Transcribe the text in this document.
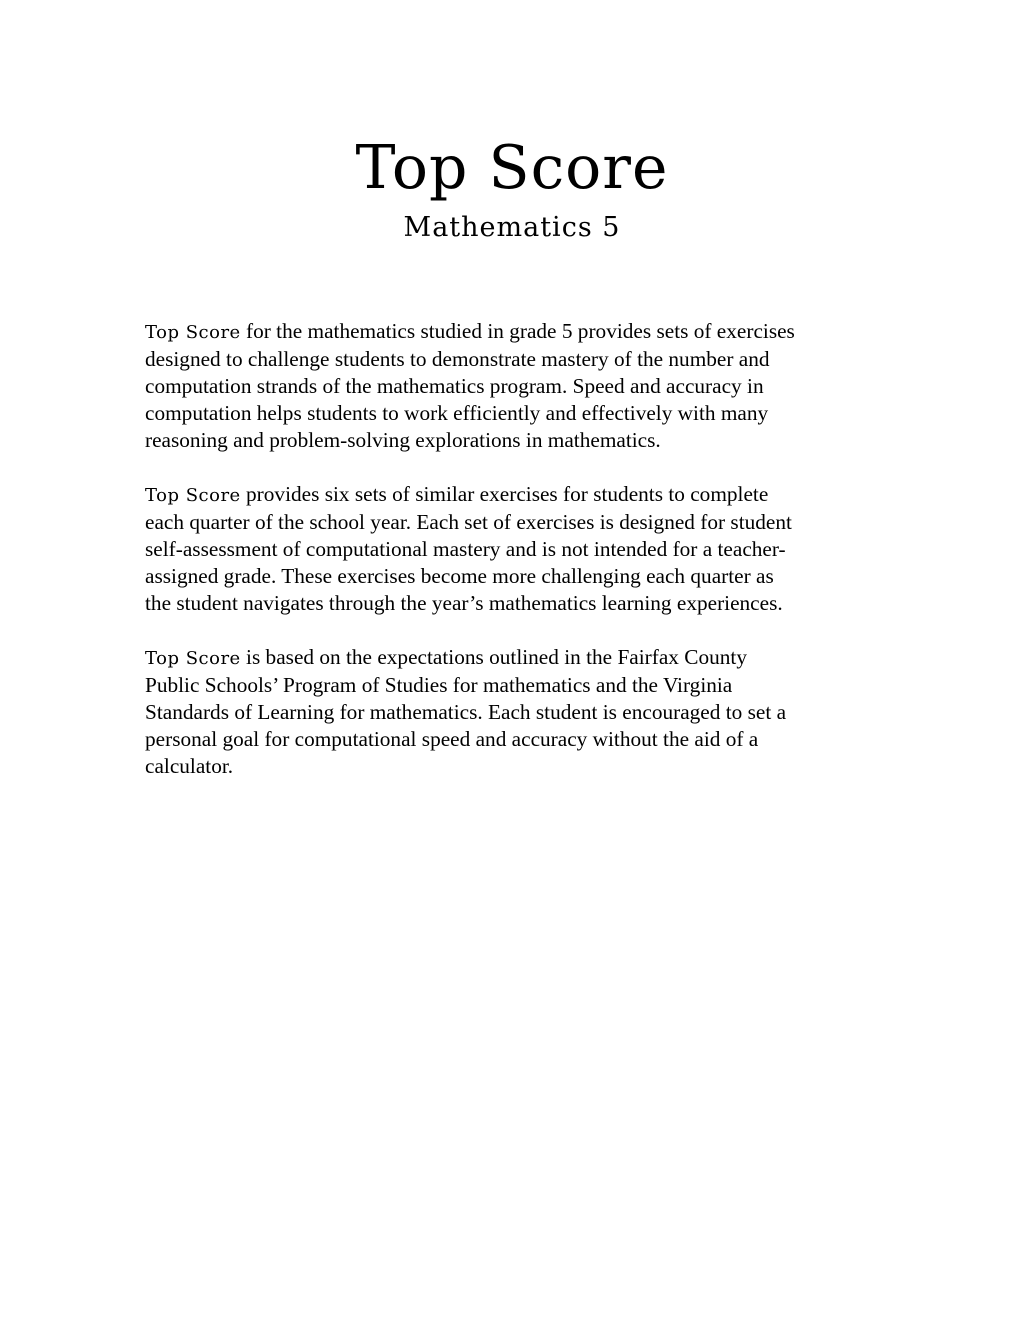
Top Score
Mathematics 5

Top Score for the mathematics studied in grade 5 provides sets of exercises
designed to challenge students to demonstrate mastery of the number and
computation strands of the mathematics program. Speed and accuracy in
computation helps students to work efficiently and effectively with many
reasoning and problem-solving explorations in mathematics.

Top Score provides six sets of similar exercises for students to complete
each quarter of the school year. Each set of exercises is designed for student
self-assessment of computational mastery and is not intended for a teacher-
assigned grade. These exercises become more challenging each quarter as
the student navigates through the year’s mathematics learning experiences.

Top Score is based on the expectations outlined in the Fairfax County
Public Schools’ Program of Studies for mathematics and the Virginia
Standards of Learning for mathematics. Each student is encouraged to set a
personal goal for computational speed and accuracy without the aid of a
calculator.
